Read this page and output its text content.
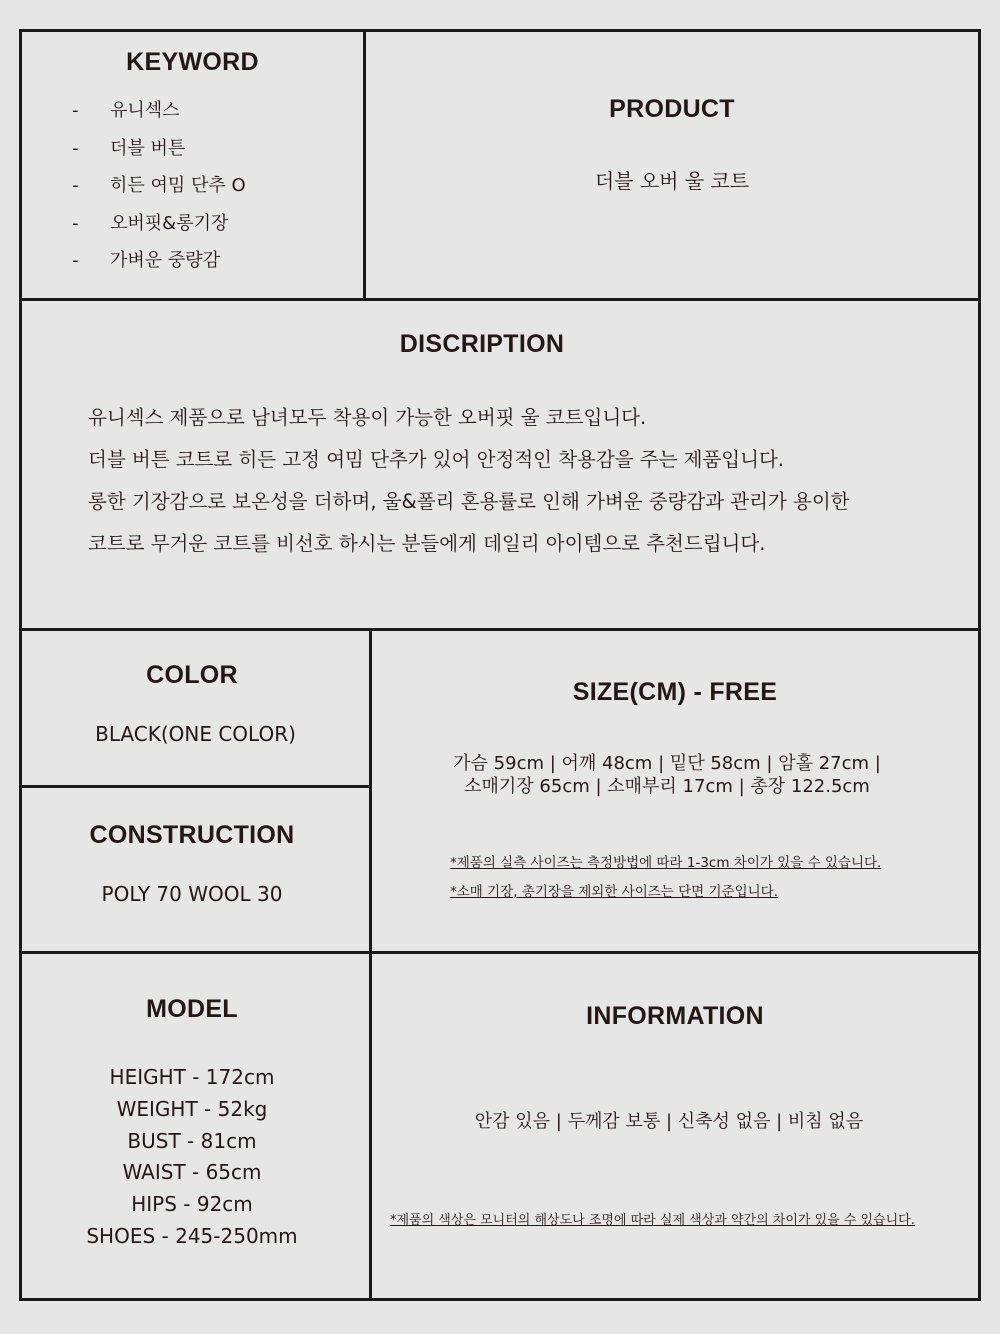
KEYWORD
-	유니섹스
-	더블 버튼
-	히든 여밈 단추 O
-	오버핏&롱기장
-	가벼운 중량감
PRODUCT
더블 오버 울 코트
DISCRIPTION
유니섹스 제품으로 남녀모두 착용이 가능한 오버핏 울 코트입니다.
더블 버튼 코트로 히든 고정 여밈 단추가 있어 안정적인 착용감을 주는 제품입니다.
롱한 기장감으로 보온성을 더하며, 울&폴리 혼용률로 인해 가벼운 중량감과 관리가 용이한
코트로 무거운 코트를 비선호 하시는 분들에게 데일리 아이템으로 추천드립니다.
COLOR
BLACK(ONE COLOR)
CONSTRUCTION
POLY 70 WOOL 30
SIZE(CM) - FREE
가슴 59cm | 어깨 48cm | 밑단 58cm | 암홀 27cm |
소매기장 65cm | 소매부리 17cm | 총장 122.5cm
*제품의 실측 사이즈는 측정방법에 따라 1-3cm 차이가 있을 수 있습니다.
*소매 기장, 총기장을 제외한 사이즈는 단면 기준입니다.
MODEL
HEIGHT - 172cm
WEIGHT - 52kg
BUST - 81cm
WAIST - 65cm
HIPS - 92cm
SHOES - 245-250mm
INFORMATION
안감 있음 | 두께감 보통 | 신축성 없음 | 비침 없음
*제품의 색상은 모니터의 해상도나 조명에 따라 실제 색상과 약간의 차이가 있을 수 있습니다.
